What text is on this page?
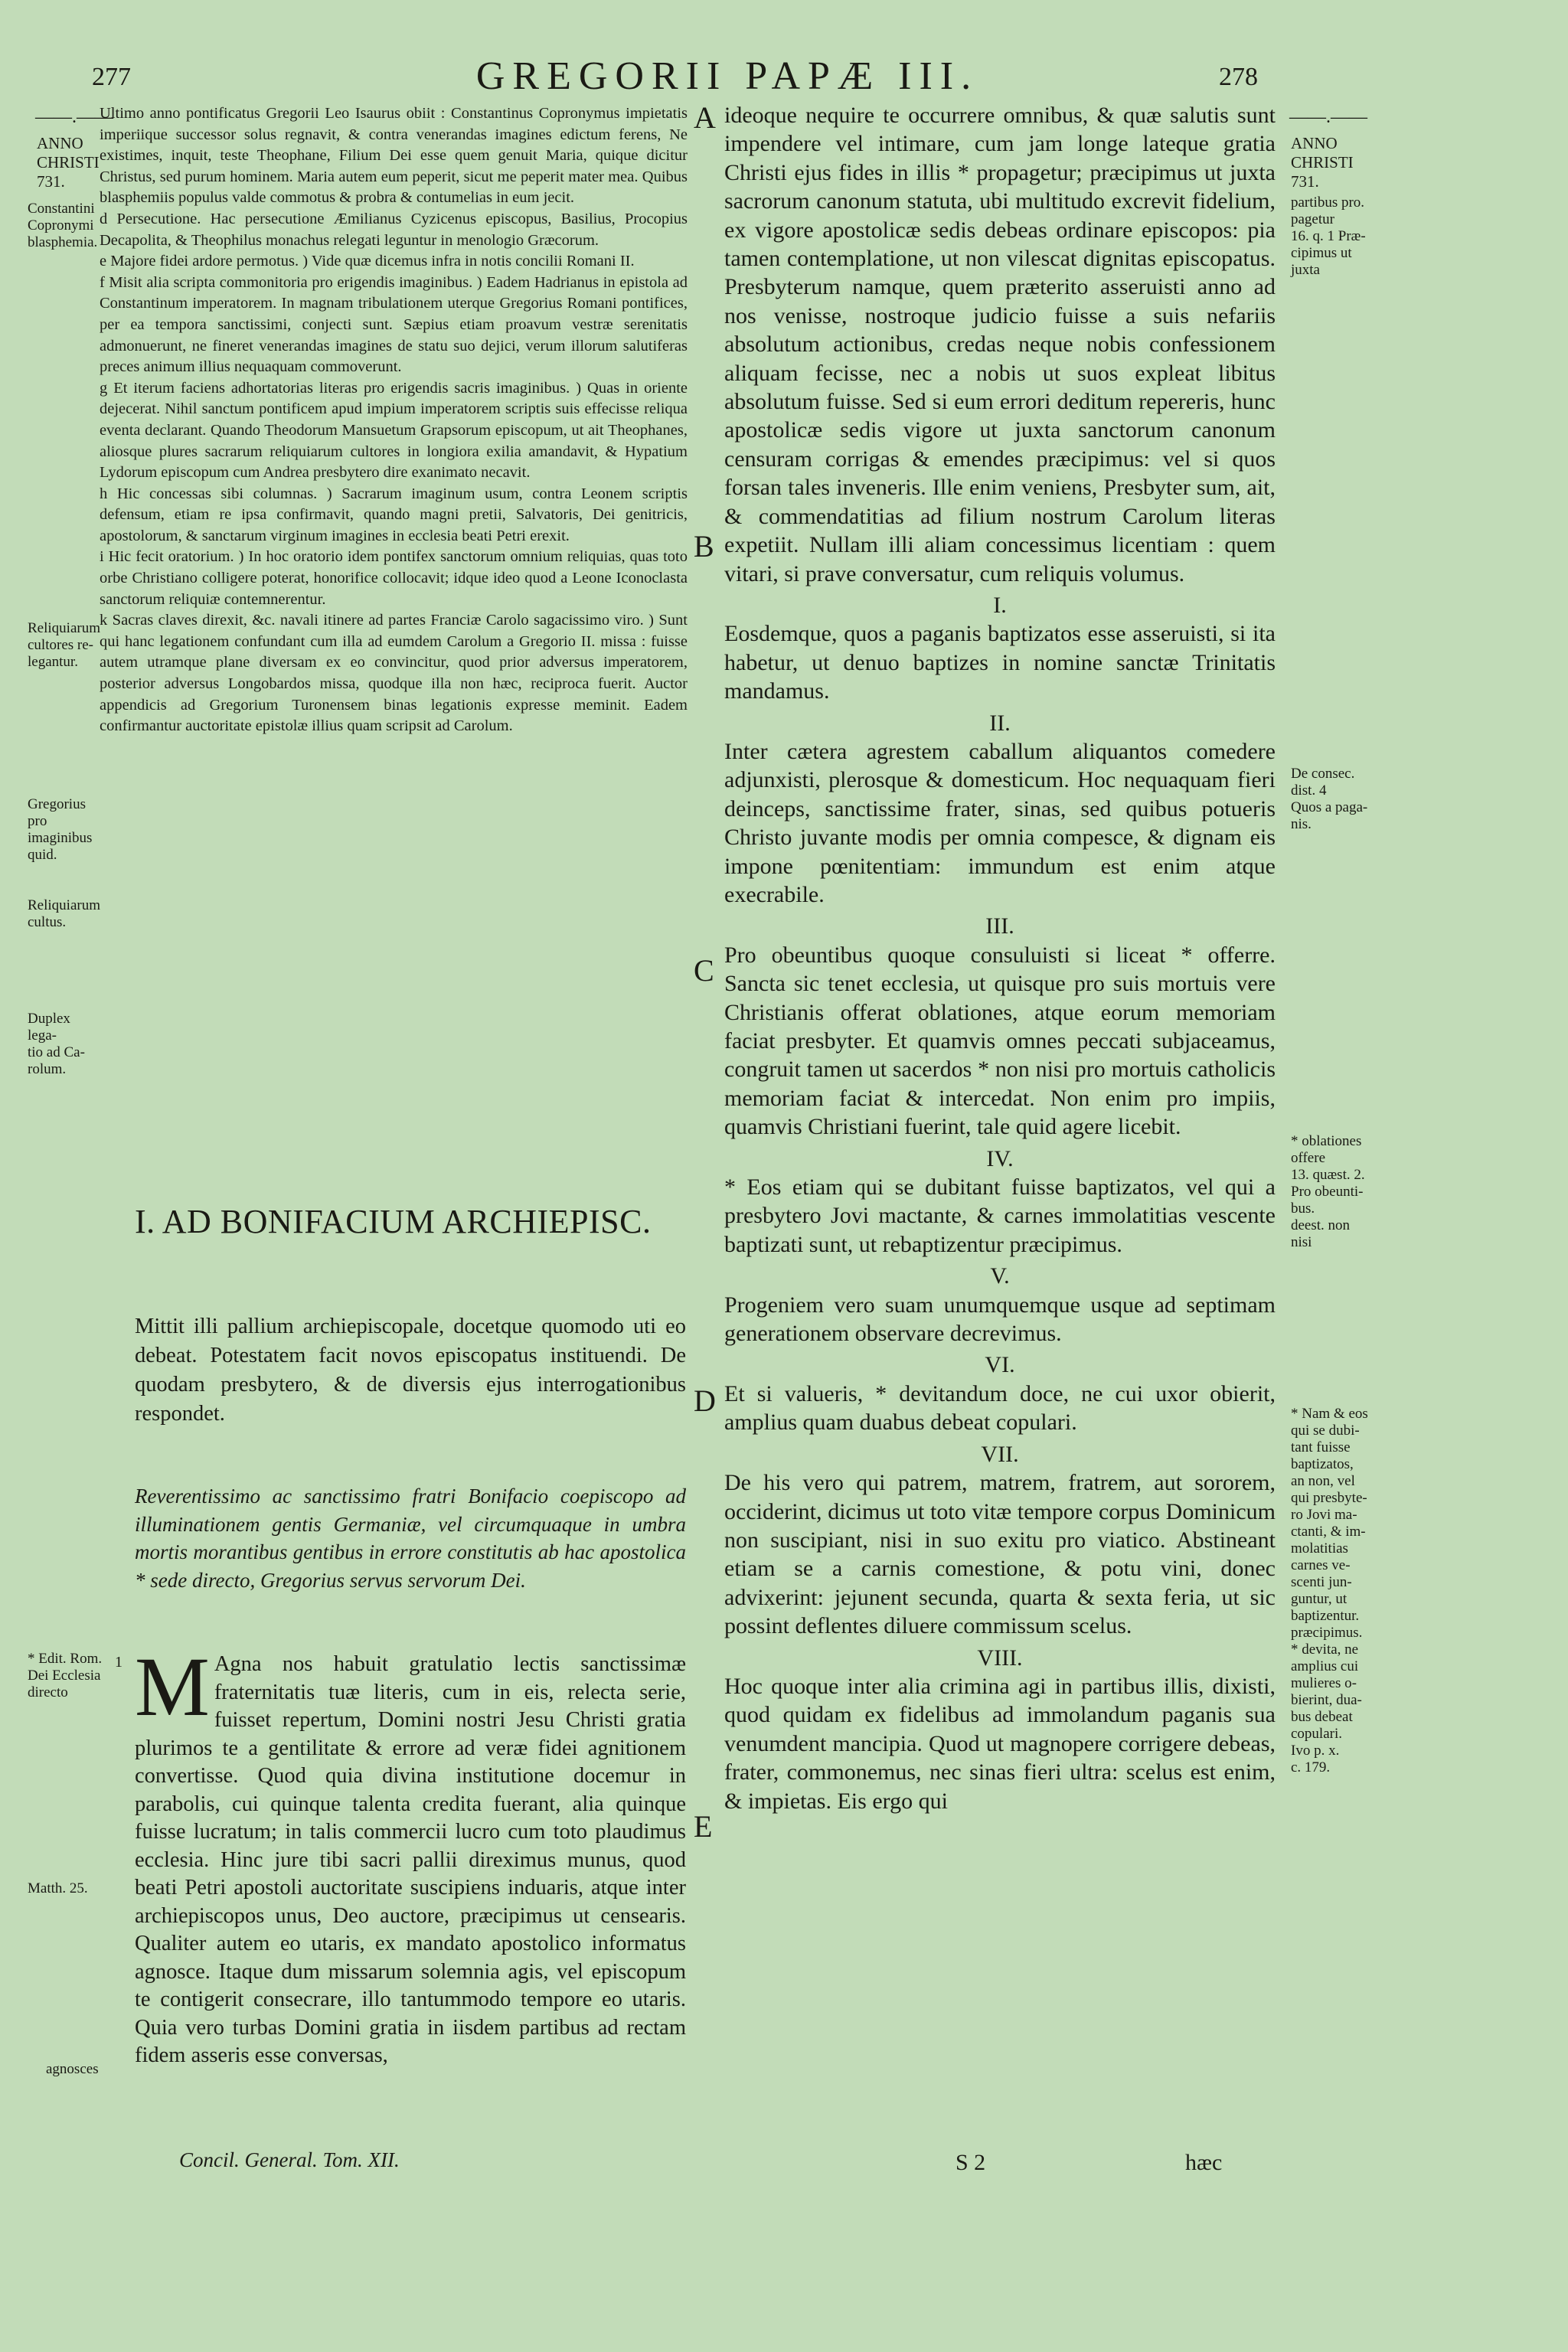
277	GREGORII PAPÆ III.	278
——.——	——.——
ANNO
CHRISTI
731.
Constantini
Copronymi
blasphemia.
Reliquiarum
cultores re-
legantur.
Gregorius pro
imaginibus
quid.
Reliquiarum
cultus.
Duplex lega-
tio ad Ca-
rolum.
* Edit. Rom.
Dei Ecclesia
directo
Matth. 25.
agnosces

Ultimo anno pontificatus Gregorii Leo Isaurus obiit : Constantinus Copronymus impietatis imperiique successor solus regnavit, & contra venerandas imagines edictum ferens, Ne existimes, inquit, teste Theophane, Filium Dei esse quem genuit Maria, quique dicitur Christus, sed purum hominem. Maria autem eum peperit, sicut me peperit mater mea. Quibus blasphemiis populus valde commotus & probra & contumelias in eum jecit.

d Persecutione. Hac persecutione Æmilianus Cyzicenus episcopus, Basilius, Procopius Decapolita, & Theophilus monachus relegati leguntur in menologio Græcorum.

e Majore fidei ardore permotus. ) Vide quæ dicemus infra in notis concilii Romani II.

f Misit alia scripta commonitoria pro erigendis imaginibus. ) Eadem Hadrianus in epistola ad Constantinum imperatorem. In magnam tribulationem uterque Gregorius Romani pontifices, per ea tempora sanctissimi, conjecti sunt. Sæpius etiam proavum vestræ serenitatis admonuerunt, ne fineret venerandas imagines de statu suo dejici, verum illorum salutiferas preces animum illius nequaquam commoverunt.

g Et iterum faciens adhortatorias literas pro erigendis sacris imaginibus. ) Quas in oriente dejecerat. Nihil sanctum pontificem apud impium imperatorem scriptis suis effecisse reliqua eventa declarant. Quando Theodorum Mansuetum Grapsorum episcopum, ut ait Theophanes, aliosque plures sacrarum reliquiarum cultores in longiora exilia amandavit, & Hypatium Lydorum episcopum cum Andrea presbytero dire exanimato necavit.

h Hic concessas sibi columnas. ) Sacrarum imaginum usum, contra Leonem scriptis defensum, etiam re ipsa confirmavit, quando magni pretii, Salvatoris, Dei genitricis, apostolorum, & sanctarum virginum imagines in ecclesia beati Petri erexit.

i Hic fecit oratorium. ) In hoc oratorio idem pontifex sanctorum omnium reliquias, quas toto orbe Christiano colligere poterat, honorifice collocavit; idque ideo quod a Leone Iconoclasta sanctorum reliquiæ contemnerentur.

k Sacras claves direxit, &c. navali itinere ad partes Franciæ Carolo sagacissimo viro. ) Sunt qui hanc legationem confundant cum illa ad eumdem Carolum a Gregorio II. missa : fuisse autem utramque plane diversam ex eo convincitur, quod prior adversus imperatorem, posterior adversus Longobardos missa, quodque illa non hæc, reciproca fuerit. Auctor appendicis ad Gregorium Turonensem binas legationis expresse meminit. Eadem confirmantur auctoritate epistolæ illius quam scripsit ad Carolum.

I. AD BONIFACIUM ARCHIEPISC.
Mittit illi pallium archiepiscopale, docetque quomodo uti eo debeat. Potestatem facit novos episcopatus instituendi. De quodam presbytero, & de diversis ejus interrogationibus respondet.
Reverentissimo ac sanctissimo fratri Bonifacio coepiscopo ad illuminationem gentis Germaniæ, vel circumquaque in umbra mortis morantibus gentibus in errore constitutis ab hac apostolica * sede directo, Gregorius servus servorum Dei.
M Agna nos habuit gratulatio lectis sanctissimæ fraternitatis tuæ literis, cum in eis, relecta serie, fuisset repertum, Domini nostri Jesu Christi gratia plurimos te a gentilitate & errore ad veræ fidei agnitionem convertisse. Quod quia divina institutione docemur in parabolis, cui quinque talenta credita fuerant, alia quinque fuisse lucratum; in talis commercii lucro cum toto plaudimus ecclesia. Hinc jure tibi sacri pallii direximus munus, quod beati Petri apostoli auctoritate suscipiens induaris, atque inter archiepiscopos unus, Deo auctore, præcipimus ut censearis. Qualiter autem eo utaris, ex mandato apostolico informatus agnosce. Itaque dum missarum solemnia agis, vel episcopum te contigerit consecrare, illo tantummodo tempore eo utaris. Quia vero turbas Domini gratia in iisdem partibus ad rectam fidem asseris esse conversas,
1
Concil. General. Tom. XII.
A
B
C
D
E

ideoque nequire te occurrere omnibus, & quæ salutis sunt impendere vel intimare, cum jam longe lateque gratia Christi ejus fides in illis * propagetur; præcipimus ut juxta sacrorum canonum statuta, ubi multitudo excrevit fidelium, ex vigore apostolicæ sedis debeas ordinare episcopos: pia tamen contemplatione, ut non vilescat dignitas episcopatus. Presbyterum namque, quem præterito asseruisti anno ad nos venisse, nostroque judicio fuisse a suis nefariis absolutum actionibus, credas neque nobis confessionem aliquam fecisse, nec a nobis ut suos expleat libitus absolutum fuisse. Sed si eum errori deditum repereris, hunc apostolicæ sedis vigore ut juxta sanctorum canonum censuram corrigas & emendes præcipimus: vel si quos forsan tales inveneris. Ille enim veniens, Presbyter sum, ait, & commendatitias ad filium nostrum Carolum literas expetiit. Nullam illi aliam concessimus licentiam : quem vitari, si prave conversatur, cum reliquis volumus.

I.

Eosdemque, quos a paganis baptizatos esse asseruisti, si ita habetur, ut denuo baptizes in nomine sanctæ Trinitatis mandamus.

II.

Inter cætera agrestem caballum aliquantos comedere adjunxisti, plerosque & domesticum. Hoc nequaquam fieri deinceps, sanctissime frater, sinas, sed quibus potueris Christo juvante modis per omnia compesce, & dignam eis impone pœnitentiam: immundum est enim atque execrabile.

III.

Pro obeuntibus quoque consuluisti si liceat * offerre. Sancta sic tenet ecclesia, ut quisque pro suis mortuis vere Christianis offerat oblationes, atque eorum memoriam faciat presbyter. Et quamvis omnes peccati subjaceamus, congruit tamen ut sacerdos * non nisi pro mortuis catholicis memoriam faciat & intercedat. Non enim pro impiis, quamvis Christiani fuerint, tale quid agere licebit.

IV.

* Eos etiam qui se dubitant fuisse baptizatos, vel qui a presbytero Jovi mactante, & carnes immolatitias vescente baptizati sunt, ut rebaptizentur præcipimus.

V.

Progeniem vero suam unumquemque usque ad septimam generationem observare decrevimus.

VI.

Et si valueris, * devitandum doce, ne cui uxor obierit, amplius quam duabus debeat copulari.

VII.

De his vero qui patrem, matrem, fratrem, aut sororem, occiderint, dicimus ut toto vitæ tempore corpus Dominicum non suscipiant, nisi in suo exitu pro viatico. Abstineant etiam se a carnis comestione, & potu vini, donec advixerint: jejunent secunda, quarta & sexta feria, ut sic possint deflentes diluere commissum scelus.

VIII.

Hoc quoque inter alia crimina agi in partibus illis, dixisti, quod quidam ex fidelibus ad immolandum paganis sua venumdent mancipia. Quod ut magnopere corrigere debeas, frater, commonemus, nec sinas fieri ultra: scelus est enim, & impietas. Eis ergo qui

ANNO
CHRISTI
731.
partibus pro.
pagetur
16. q. 1 Præ-
cipimus ut
juxta
De consec.
dist. 4
Quos a paga-
nis.
* oblationes
offere
13. quæst. 2.
Pro obeunti-
bus.
deest. non
nisi
* Nam & eos
qui se dubi-
tant fuisse
baptizatos,
an non, vel
qui presbyte-
ro Jovi ma-
ctanti, & im-
molatitias
carnes ve-
scenti jun-
guntur, ut
baptizentur.
præcipimus.
* devita, ne
amplius cui
mulieres o-
bierint, dua-
bus debeat
copulari.
Ivo p. x.
c. 179.
S 2	hæc
